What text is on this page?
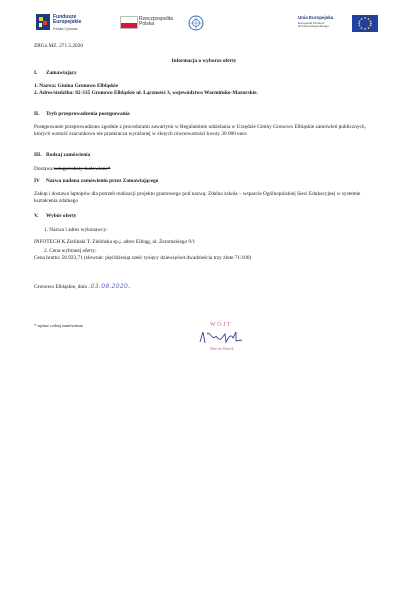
Fundusze
Europejskie
Polska Cyfrowa
Rzeczpospolita
Polska
Unia Europejska
Europejski Fundusz
Rozwoju Regionalnego

ZRGo.MZ. 271.5.2020

Informacja o wyborze oferty

I. Zamawiający

1. Nazwa: Gmina Gronowo Elbląskie

2. Adres/siedziba: 82-335 Gronowo Elbląskie ul. Łączności 3, województwo Warmińsko-Mazurskie.

II. Tryb przeprowadzenia postępowania

Postępowanie przeprowadzono zgodnie z procedurami zawartymi w Regulaminie udzielania w Urzędzie Gminy Gronowo Elbląskie zamówień publicznych, których wartość szacunkowa nie przekracza wyrażonej w złotych równowartości kwoty 30 000 euro

III. Rodzaj zamówienia

Dostawa/usługa/roboty budowlane*

IV Nazwa nadana zamówieniu przez Zamawiającego

Zakup i dostawa laptopów dla potrzeb realizacji projektu grantowego pod nazwą: Zdalna szkoła – wsparcie Ogólnopolskiej Sieci Edukacyjnej w systemie kształcenia zdalnego

V. Wybór oferty

1. Nazwa i adres wykonawcy:

INFOTECH K.Zieliński T. Zielińska sp.j. adres Elbląg, ul. Żeromskiego 9/1

2. Cena wybranej oferty:

Cena brutto: 56.923,71 (słownie: pięćdziesiąt sześć tysięcy dziewięćset dwadzieścia trzy złote 71/100)

Gronowo Elbląskie, dnia ..03.08.2020..
* wpisać rodzaj zamówienia	WÓJT
Marcin Sławik
